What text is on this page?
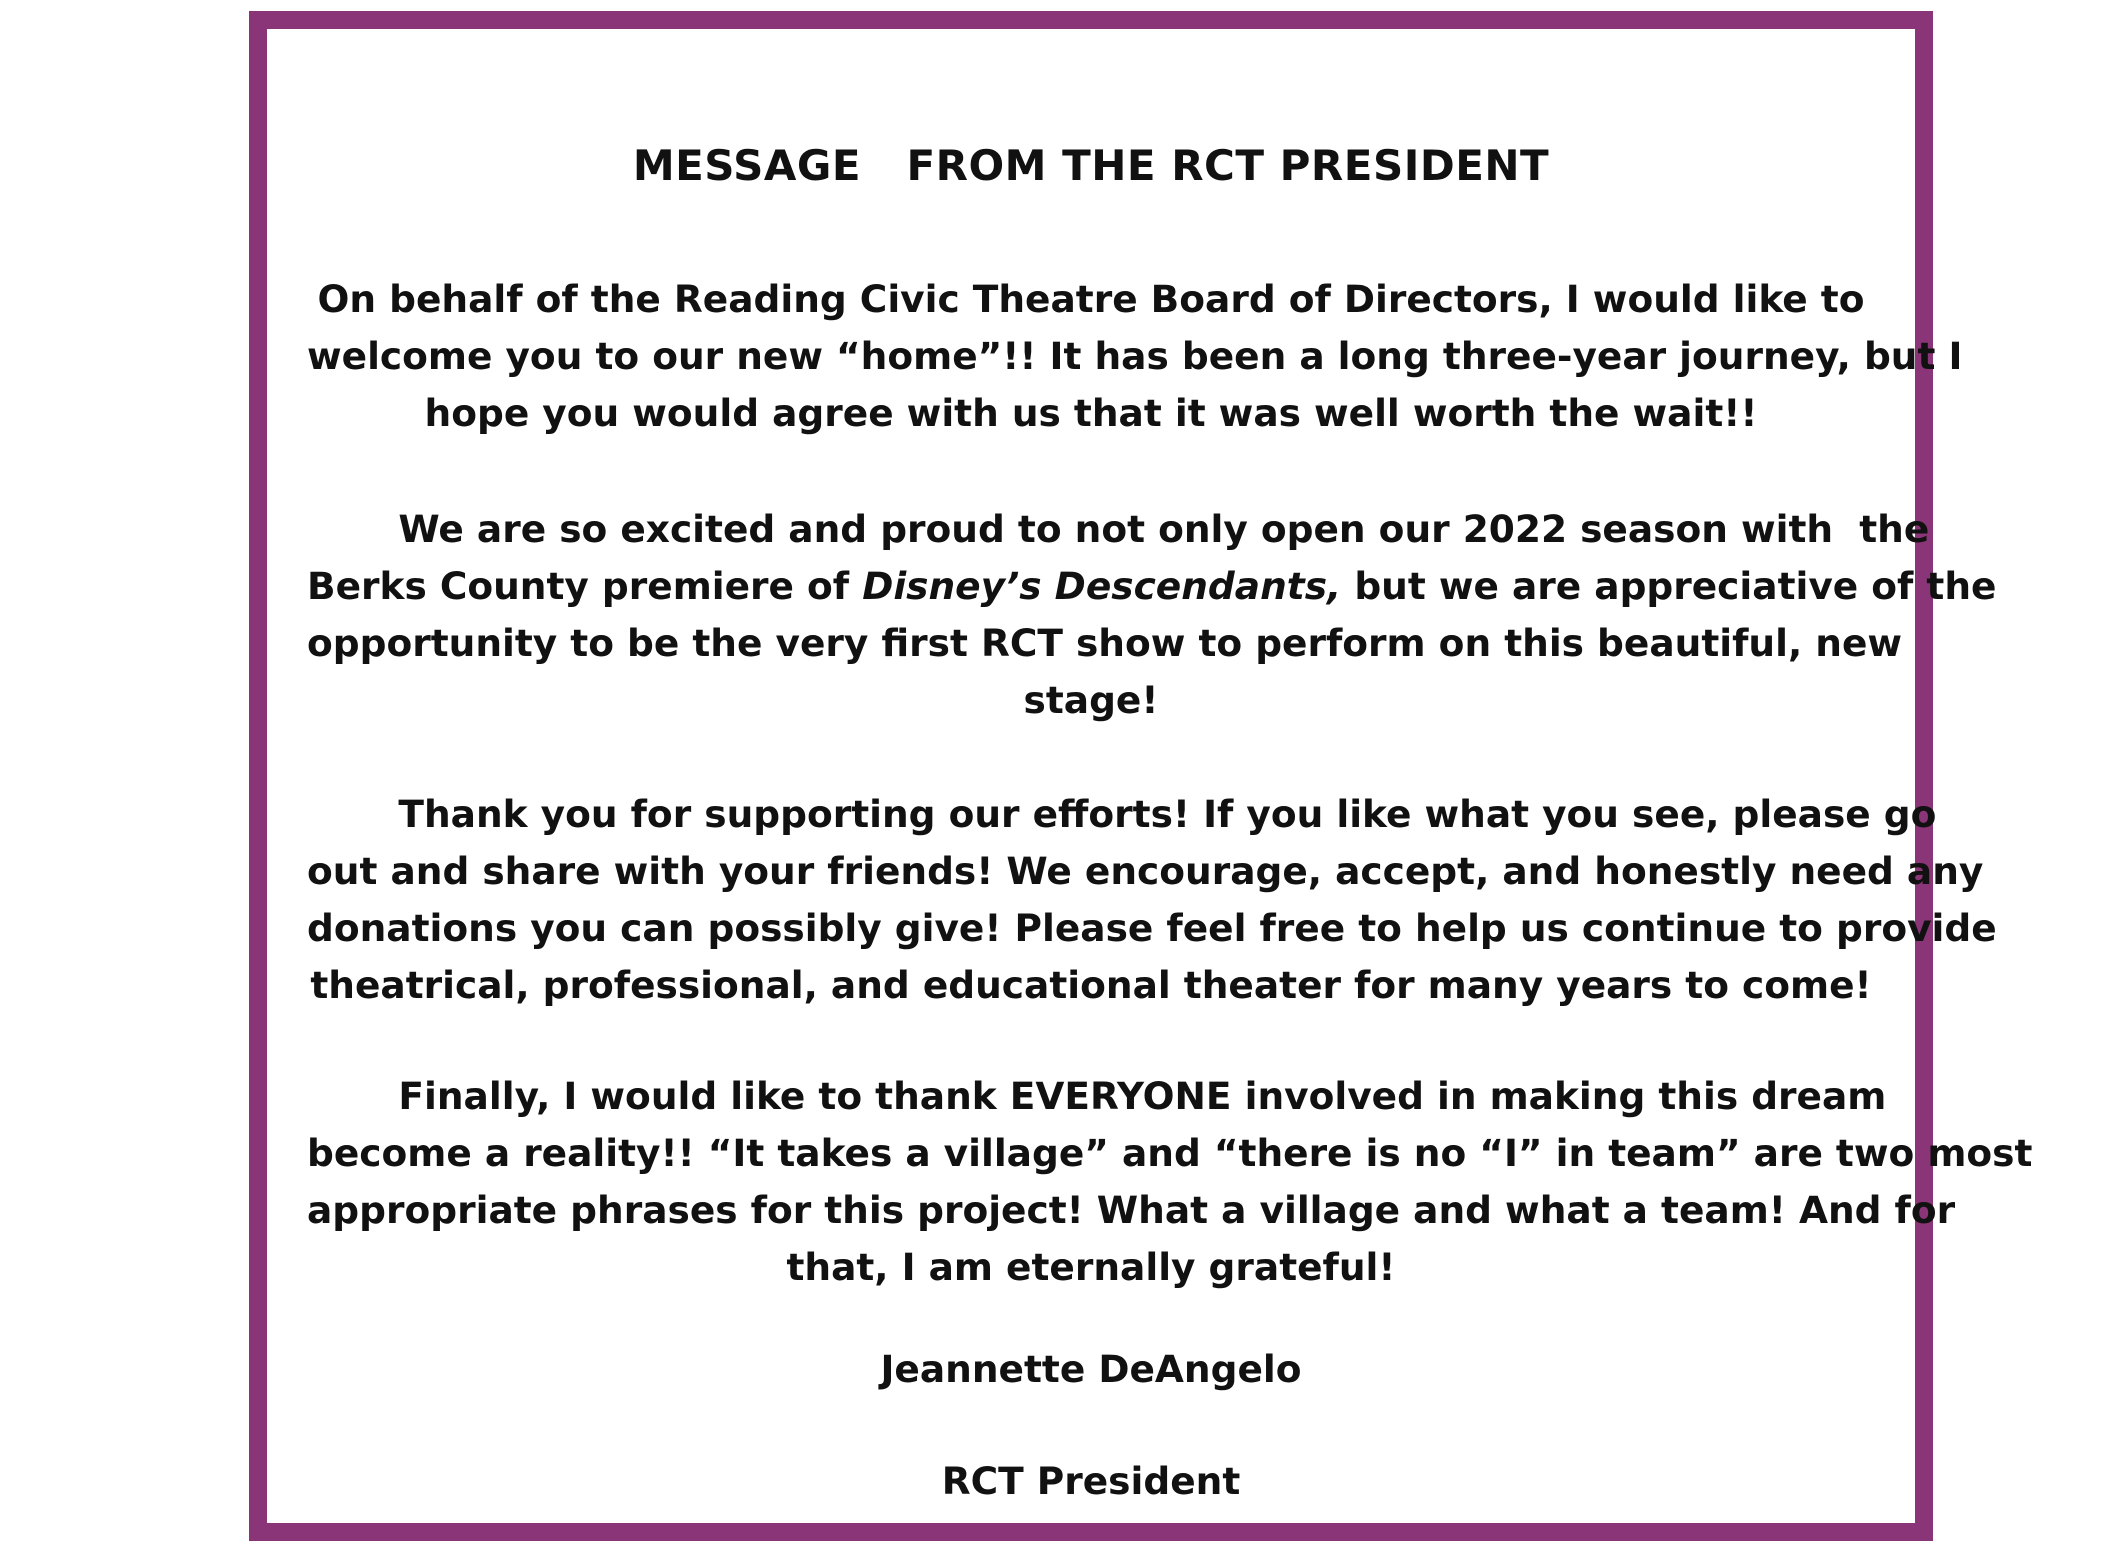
MESSAGE   FROM THE RCT PRESIDENT
On behalf of the Reading Civic Theatre Board of Directors, I would like to
welcome you to our new “home”!! It has been a long three-year journey, but I
hope you would agree with us that it was well worth the wait!!
We are so excited and proud to not only open our 2022 season with  the
Berks County premiere of Disney’s Descendants, but we are appreciative of the
opportunity to be the very first RCT show to perform on this beautiful, new
stage!
Thank you for supporting our efforts! If you like what you see, please go
out and share with your friends! We encourage, accept, and honestly need any
donations you can possibly give! Please feel free to help us continue to provide
theatrical, professional, and educational theater for many years to come!
Finally, I would like to thank EVERYONE involved in making this dream
become a reality!! “It takes a village” and “there is no “I” in team” are two most
appropriate phrases for this project! What a village and what a team! And for
that, I am eternally grateful!
Jeannette DeAngelo
RCT President
